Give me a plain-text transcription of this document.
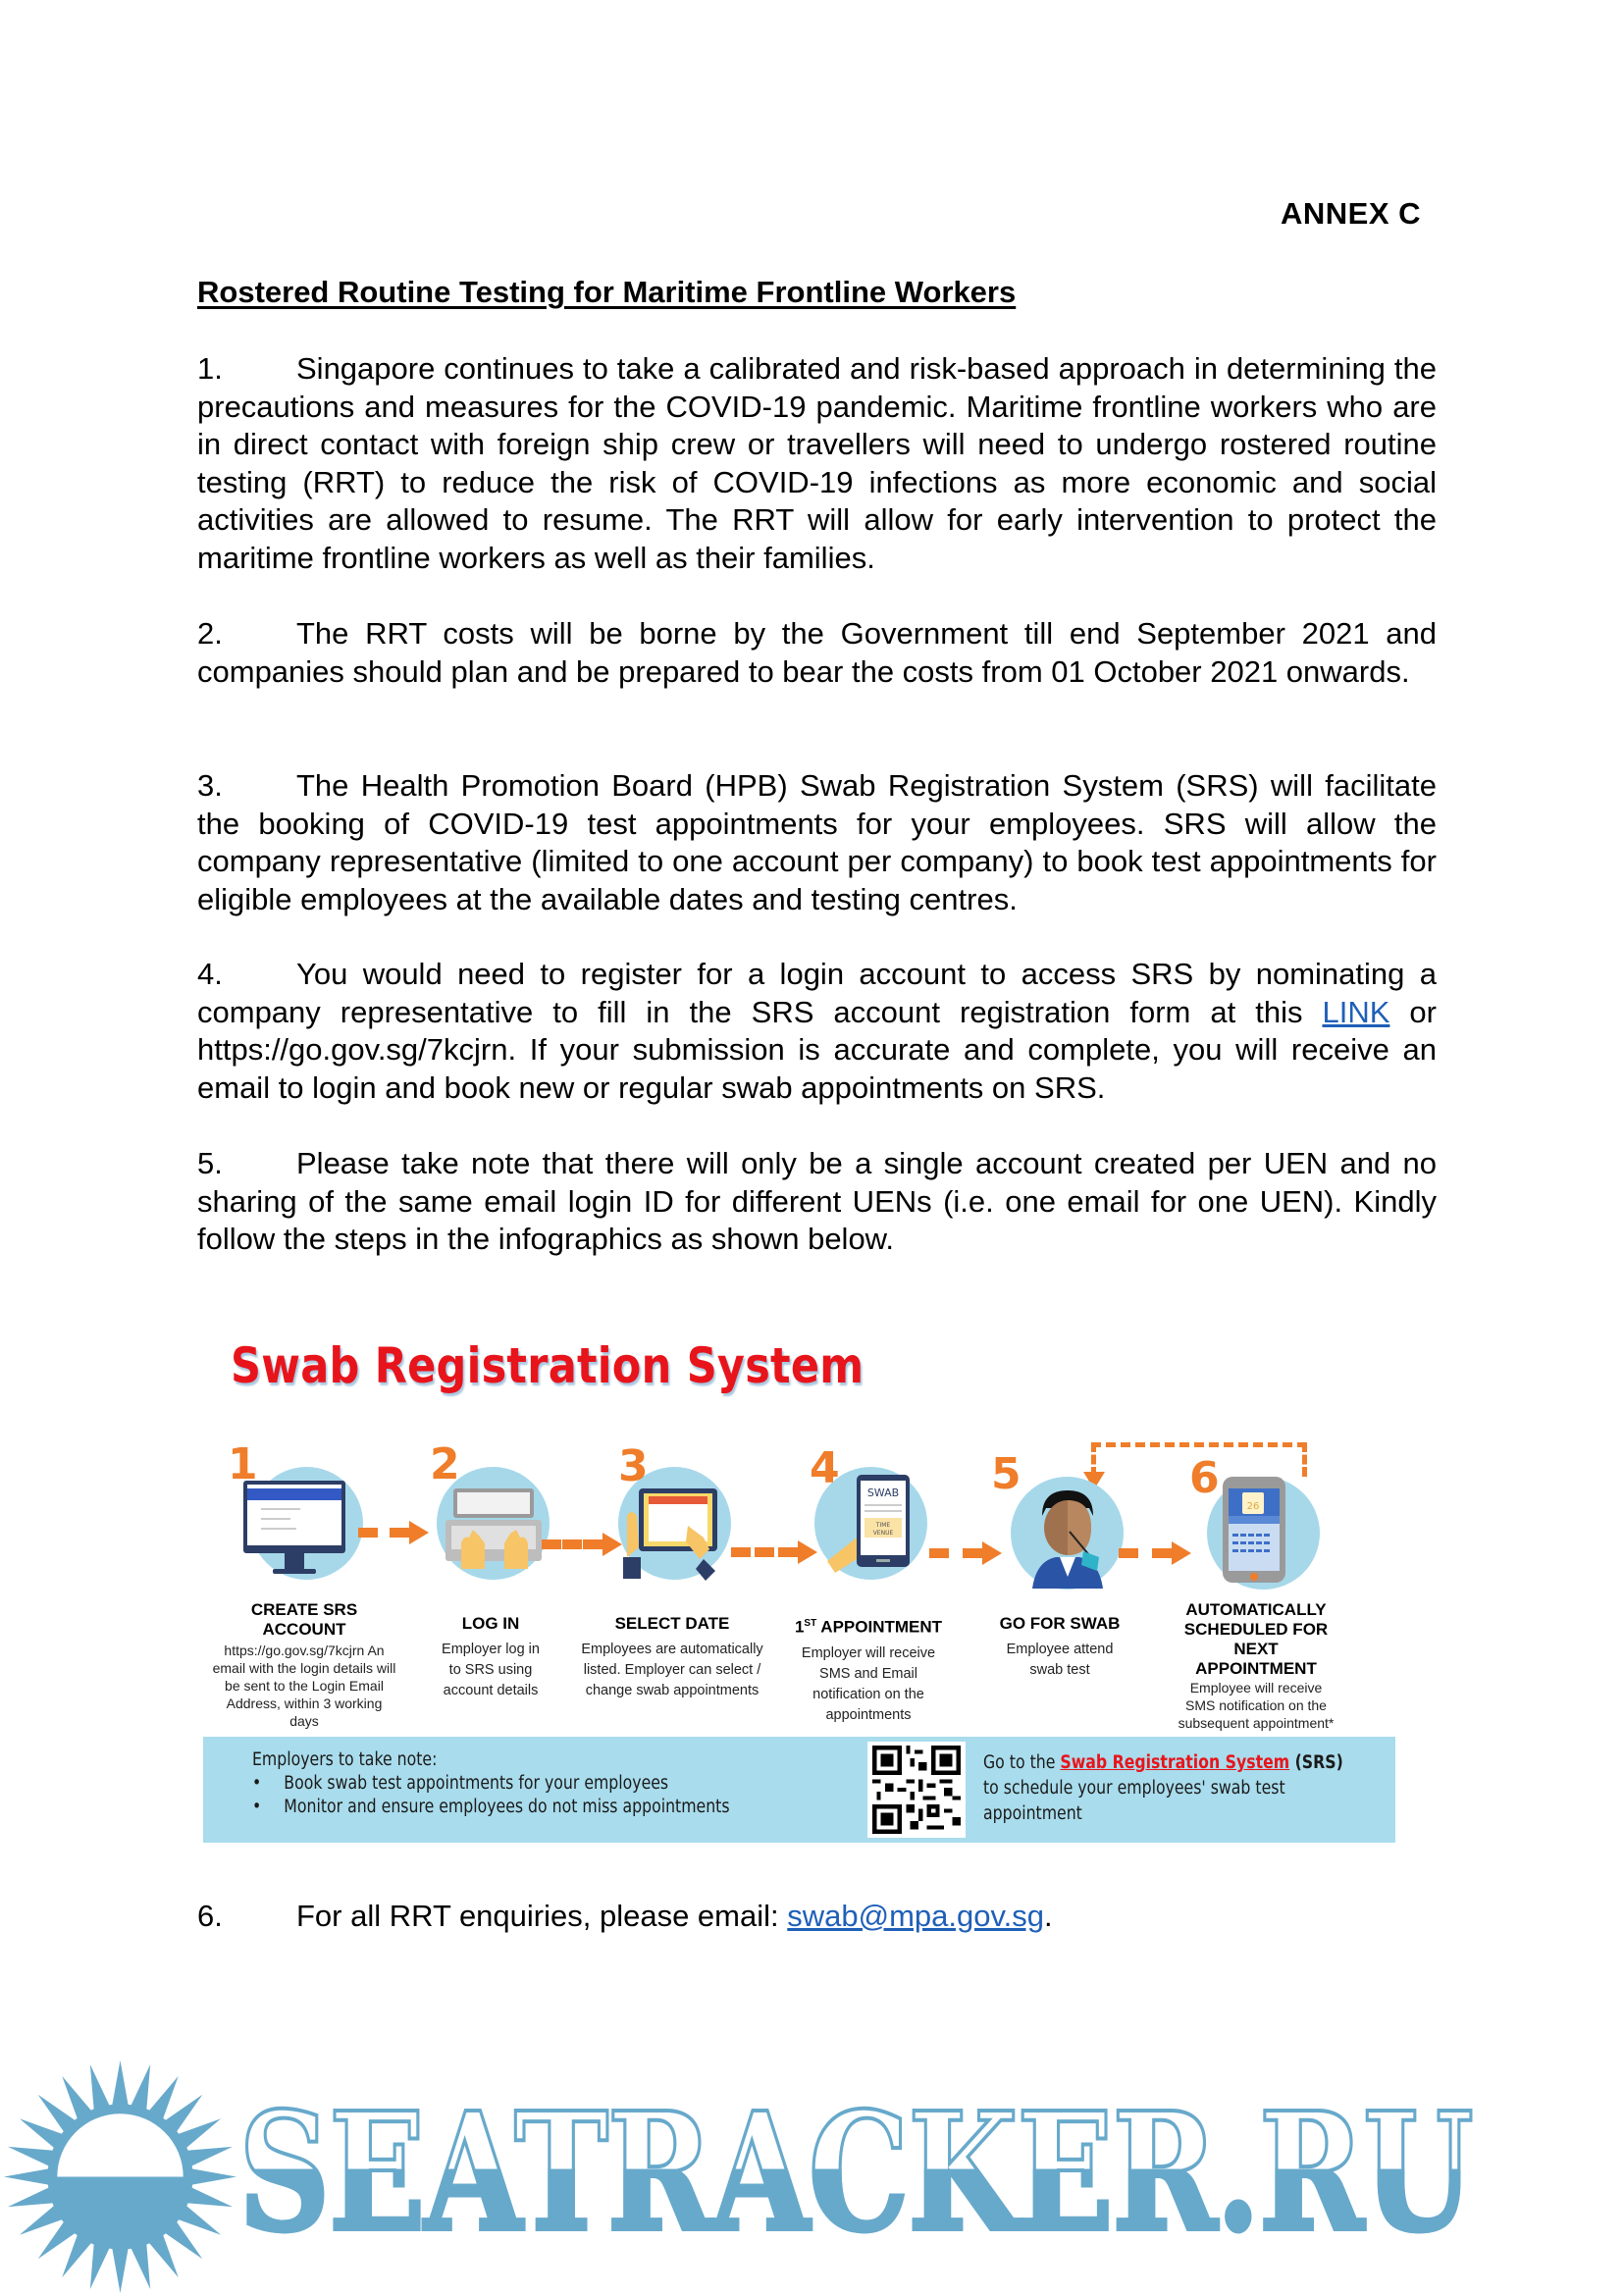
ANNEX C
Rostered Routine Testing for Maritime Frontline Workers
1. Singapore continues to take a calibrated and risk-based approach in determining the precautions and measures for the COVID-19 pandemic. Maritime frontline workers who are in direct contact with foreign ship crew or travellers will need to undergo rostered routine testing (RRT) to reduce the risk of COVID-19 infections as more economic and social activities are allowed to resume. The RRT will allow for early intervention to protect the maritime frontline workers as well as their families.
2. The RRT costs will be borne by the Government till end September 2021 and companies should plan and be prepared to bear the costs from 01 October 2021 onwards.
3. The Health Promotion Board (HPB) Swab Registration System (SRS) will facilitate the booking of COVID-19 test appointments for your employees. SRS will allow the company representative (limited to one account per company) to book test appointments for eligible employees at the available dates and testing centres.
4. You would need to register for a login account to access SRS by nominating a company representative to fill in the SRS account registration form at this LINK or https://go.gov.sg/7kcjrn. If your submission is accurate and complete, you will receive an email to login and book new or regular swab appointments on SRS.
5. Please take note that there will only be a single account created per UEN and no sharing of the same email login ID for different UENs (i.e. one email for one UEN). Kindly follow the steps in the infographics as shown below.
Swab Registration System
1
CREATE SRS ACCOUNT
https://go.gov.sg/7kcjrn An email with the login details will be sent to the Login Email Address, within 3 working days
2
LOG IN
Employer log in to SRS using account details
3
SELECT DATE
Employees are automatically listed. Employer can select / change swab appointments
SWAB
TIME
VENUE
4
1ST APPOINTMENT
Employer will receive SMS and Email notification on the appointments
5
GO FOR SWAB
Employee attend swab test
26
6
AUTOMATICALLY SCHEDULED FOR NEXT APPOINTMENT
Employee will receive SMS notification on the subsequent appointment*
Employers to take note:
• Book swab test appointments for your employees
• Monitor and ensure employees do not miss appointments
Go to the Swab Registration System (SRS)
to schedule your employees' swab test
appointment
6. For all RRT enquiries, please email: swab@mpa.gov.sg.
SEATRACKER.RU
